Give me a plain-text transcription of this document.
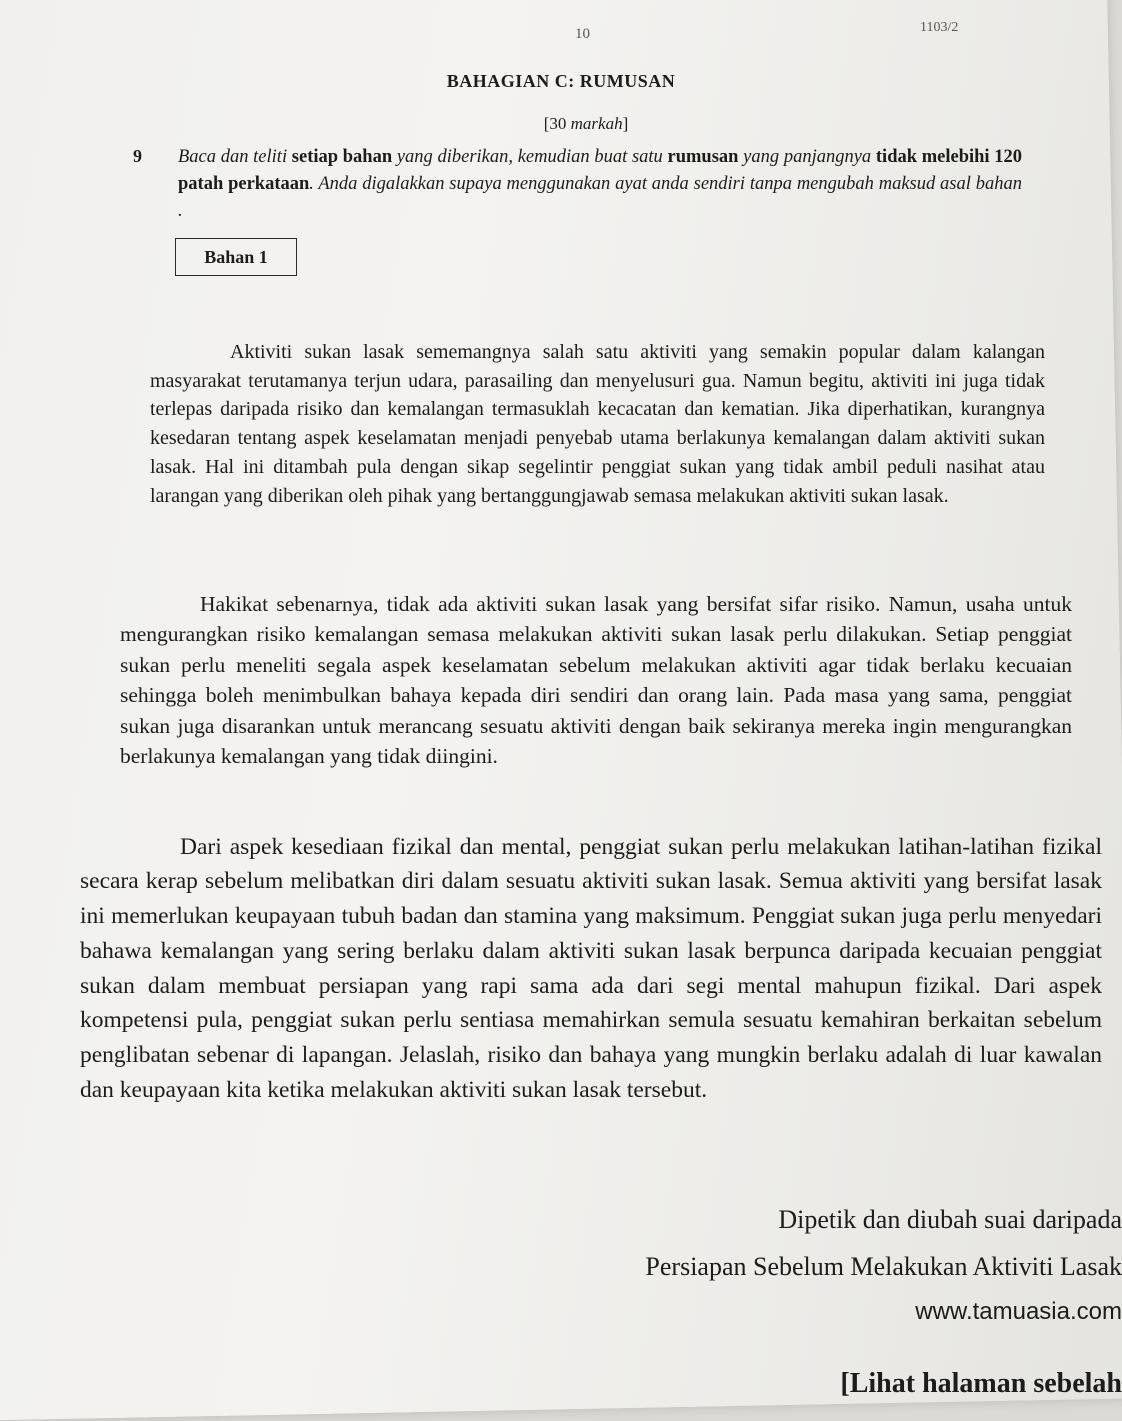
10	1103/2
BAHAGIAN C: RUMUSAN
[30 markah]
9 Baca dan teliti setiap bahan yang diberikan, kemudian buat satu rumusan yang panjangnya tidak melebihi 120 patah perkataan. Anda digalakkan supaya menggunakan ayat anda sendiri tanpa mengubah maksud asal bahan .
Bahan 1

Aktiviti sukan lasak sememangnya salah satu aktiviti yang semakin popular dalam kalangan masyarakat terutamanya terjun udara, parasailing dan menyelusuri gua. Namun begitu, aktiviti ini juga tidak terlepas daripada risiko dan kemalangan termasuklah kecacatan dan kematian. Jika diperhatikan, kurangnya kesedaran tentang aspek keselamatan menjadi penyebab utama berlakunya kemalangan dalam aktiviti sukan lasak. Hal ini ditambah pula dengan sikap segelintir penggiat sukan yang tidak ambil peduli nasihat atau larangan yang diberikan oleh pihak yang bertanggungjawab semasa melakukan aktiviti sukan lasak.

Hakikat sebenarnya, tidak ada aktiviti sukan lasak yang bersifat sifar risiko. Namun, usaha untuk mengurangkan risiko kemalangan semasa melakukan aktiviti sukan lasak perlu dilakukan. Setiap penggiat sukan perlu meneliti segala aspek keselamatan sebelum melakukan aktiviti agar tidak berlaku kecuaian sehingga boleh menimbulkan bahaya kepada diri sendiri dan orang lain. Pada masa yang sama, penggiat sukan juga disarankan untuk merancang sesuatu aktiviti dengan baik sekiranya mereka ingin mengurangkan berlakunya kemalangan yang tidak diingini.

Dari aspek kesediaan fizikal dan mental, penggiat sukan perlu melakukan latihan-latihan fizikal secara kerap sebelum melibatkan diri dalam sesuatu aktiviti sukan lasak. Semua aktiviti yang bersifat lasak ini memerlukan keupayaan tubuh badan dan stamina yang maksimum. Penggiat sukan juga perlu menyedari bahawa kemalangan yang sering berlaku dalam aktiviti sukan lasak berpunca daripada kecuaian penggiat sukan dalam membuat persiapan yang rapi sama ada dari segi mental mahupun fizikal. Dari aspek kompetensi pula, penggiat sukan perlu sentiasa memahirkan semula sesuatu kemahiran berkaitan sebelum penglibatan sebenar di lapangan. Jelaslah, risiko dan bahaya yang mungkin berlaku adalah di luar kawalan dan keupayaan kita ketika melakukan aktiviti sukan lasak tersebut.

Dipetik dan diubah suai daripada
Persiapan Sebelum Melakukan Aktiviti Lasak
www.tamuasia.com
[Lihat halaman sebelah
